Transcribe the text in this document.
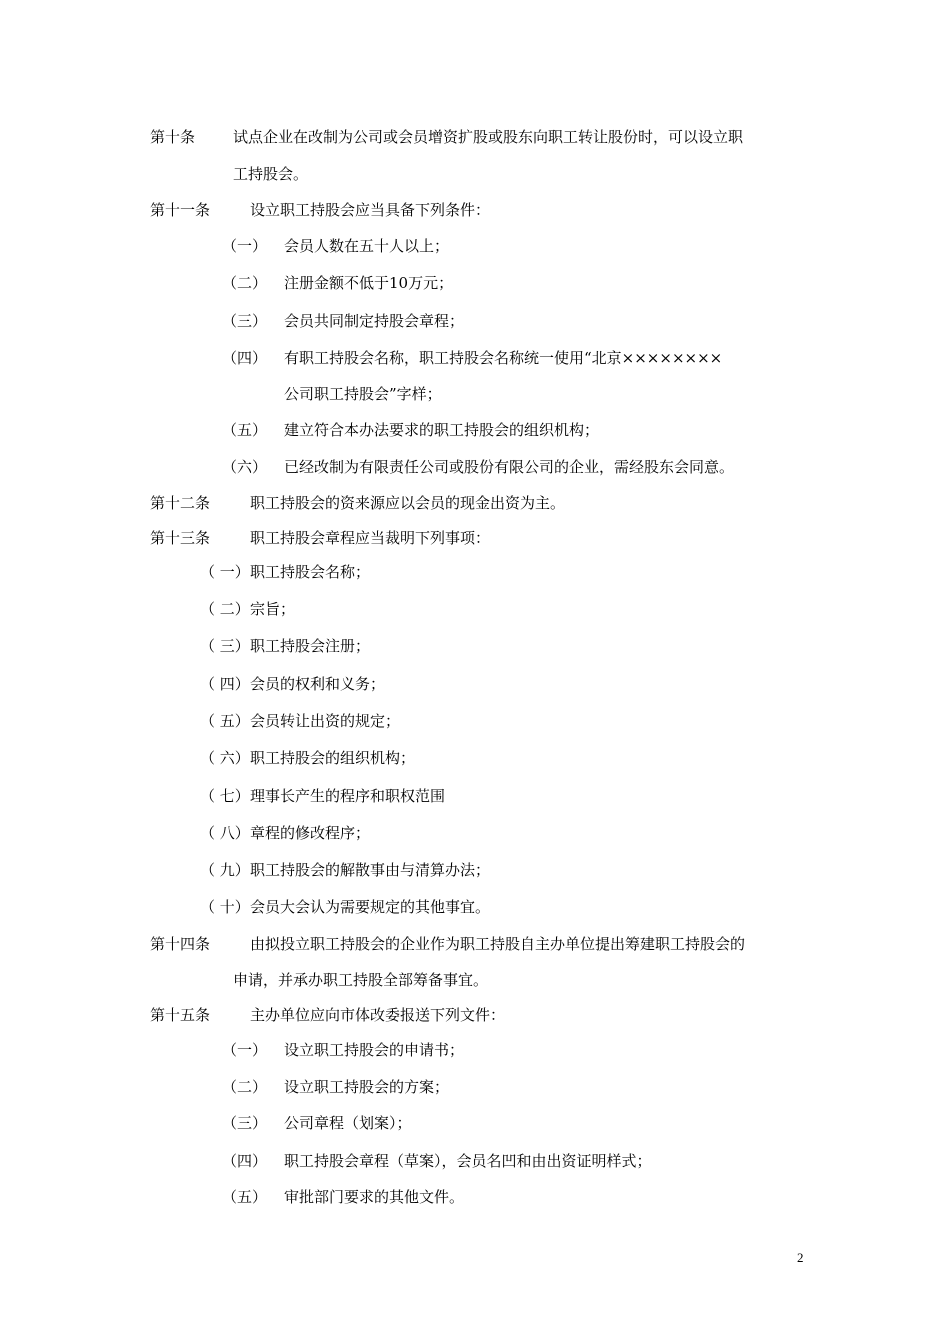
第十条	试点企业在改制为公司或会员增资扩股或股东向职工转让股份时，可以设立职
工持股会。
第十一条	设立职工持股会应当具备下列条件：
（一） 会员人数在五十人以上；
（二） 注册金额不低于10万元；
（三） 会员共同制定持股会章程；
（四） 有职工持股会名称，职工持股会名称统一使用“北京××××××××
公司职工持股会”字样；
（五） 建立符合本办法要求的职工持股会的组织机构；
（六） 已经改制为有限责任公司或股份有限公司的企业，需经股东会同意。
第十二条	职工持股会的资来源应以会员的现金出资为主。
第十三条	职工持股会章程应当裁明下列事项：
（ 一） 职工持股会名称；
（ 二） 宗旨；
（ 三） 职工持股会注册；
（ 四） 会员的权利和义务；
（ 五） 会员转让出资的规定；
（ 六） 职工持股会的组织机构；
（ 七） 理事长产生的程序和职权范围
（ 八） 章程的修改程序；
（ 九） 职工持股会的解散事由与清算办法；
（ 十） 会员大会认为需要规定的其他事宜。
第十四条	由拟投立职工持股会的企业作为职工持股自主办单位提出筹建职工持股会的
申请，并承办职工持股全部筹备事宜。
第十五条	主办单位应向市体改委报送下列文件：
（一） 设立职工持股会的申请书；
（二） 设立职工持股会的方案；
（三） 公司章程（划案）；
（四） 职工持股会章程（草案），会员名凹和由出资证明样式；
（五） 审批部门要求的其他文件。
2
